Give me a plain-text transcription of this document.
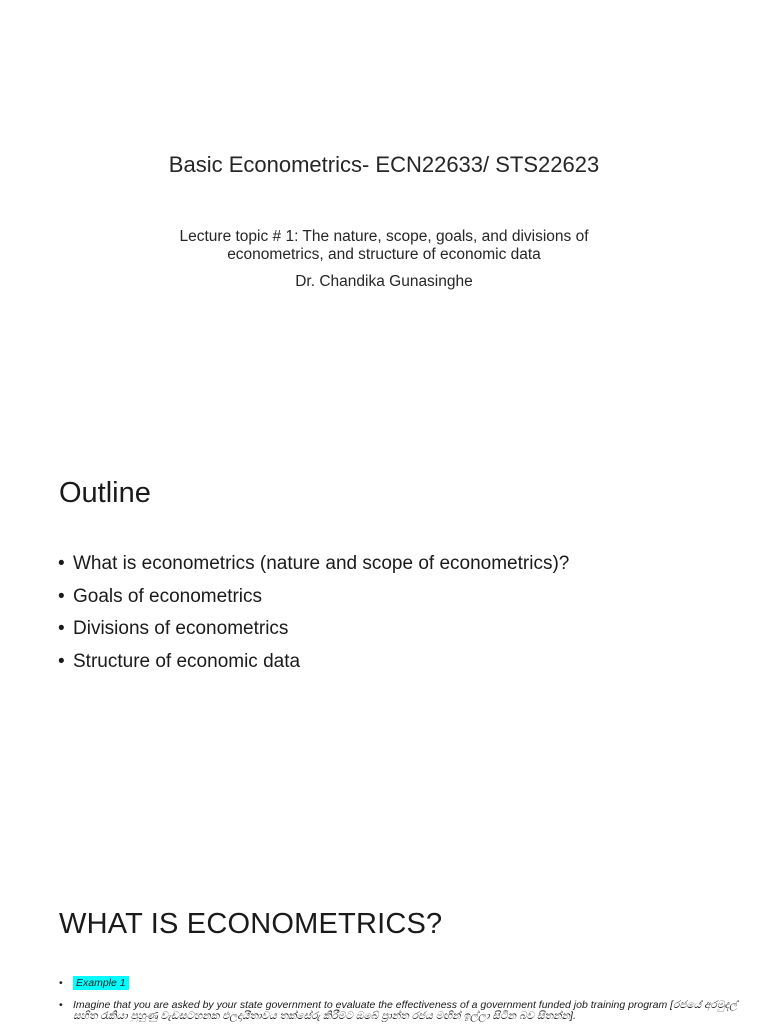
Basic Econometrics- ECN22633/ STS22623
Lecture topic # 1: The nature, scope, goals, and divisions of
econometrics, and structure of economic data
Dr. Chandika Gunasinghe
Outline
• What is econometrics (nature and scope of econometrics)?
• Goals of econometrics
• Divisions of econometrics
• Structure of economic data
WHAT IS ECONOMETRICS?
• Example 1
• Imagine that you are asked by your state government to evaluate the effectiveness of a government funded job training program [රජයේ අරමුදල් සහිත රැකියා පුහුණු වැඩසටහනක ඵලදායීතාවය තක්සේරු කිරීමට ඔබේ ප්‍රාන්ත රජය මඟින් ඉල්ලා සිටින බව සිතන්න].
